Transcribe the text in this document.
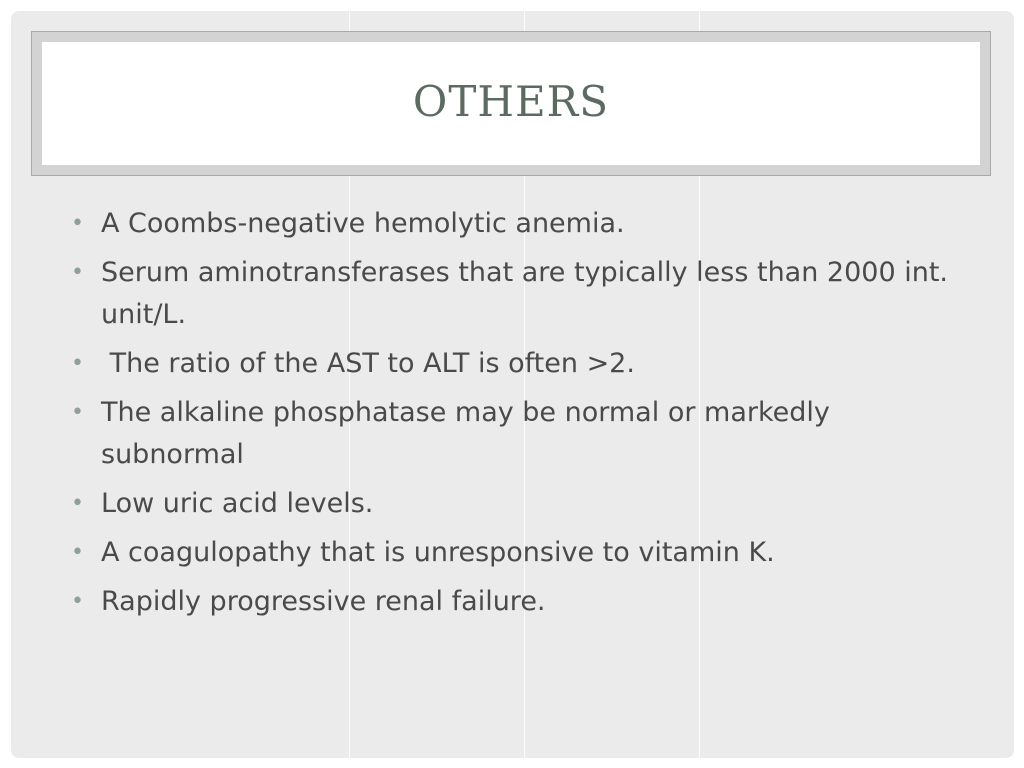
OTHERS
• A Coombs-negative hemolytic anemia.
• Serum aminotransferases that are typically less than 2000 int. unit/L.
• The ratio of the AST to ALT is often >2.
• The alkaline phosphatase may be normal or markedly subnormal
• Low uric acid levels.
• A coagulopathy that is unresponsive to vitamin K.
• Rapidly progressive renal failure.
